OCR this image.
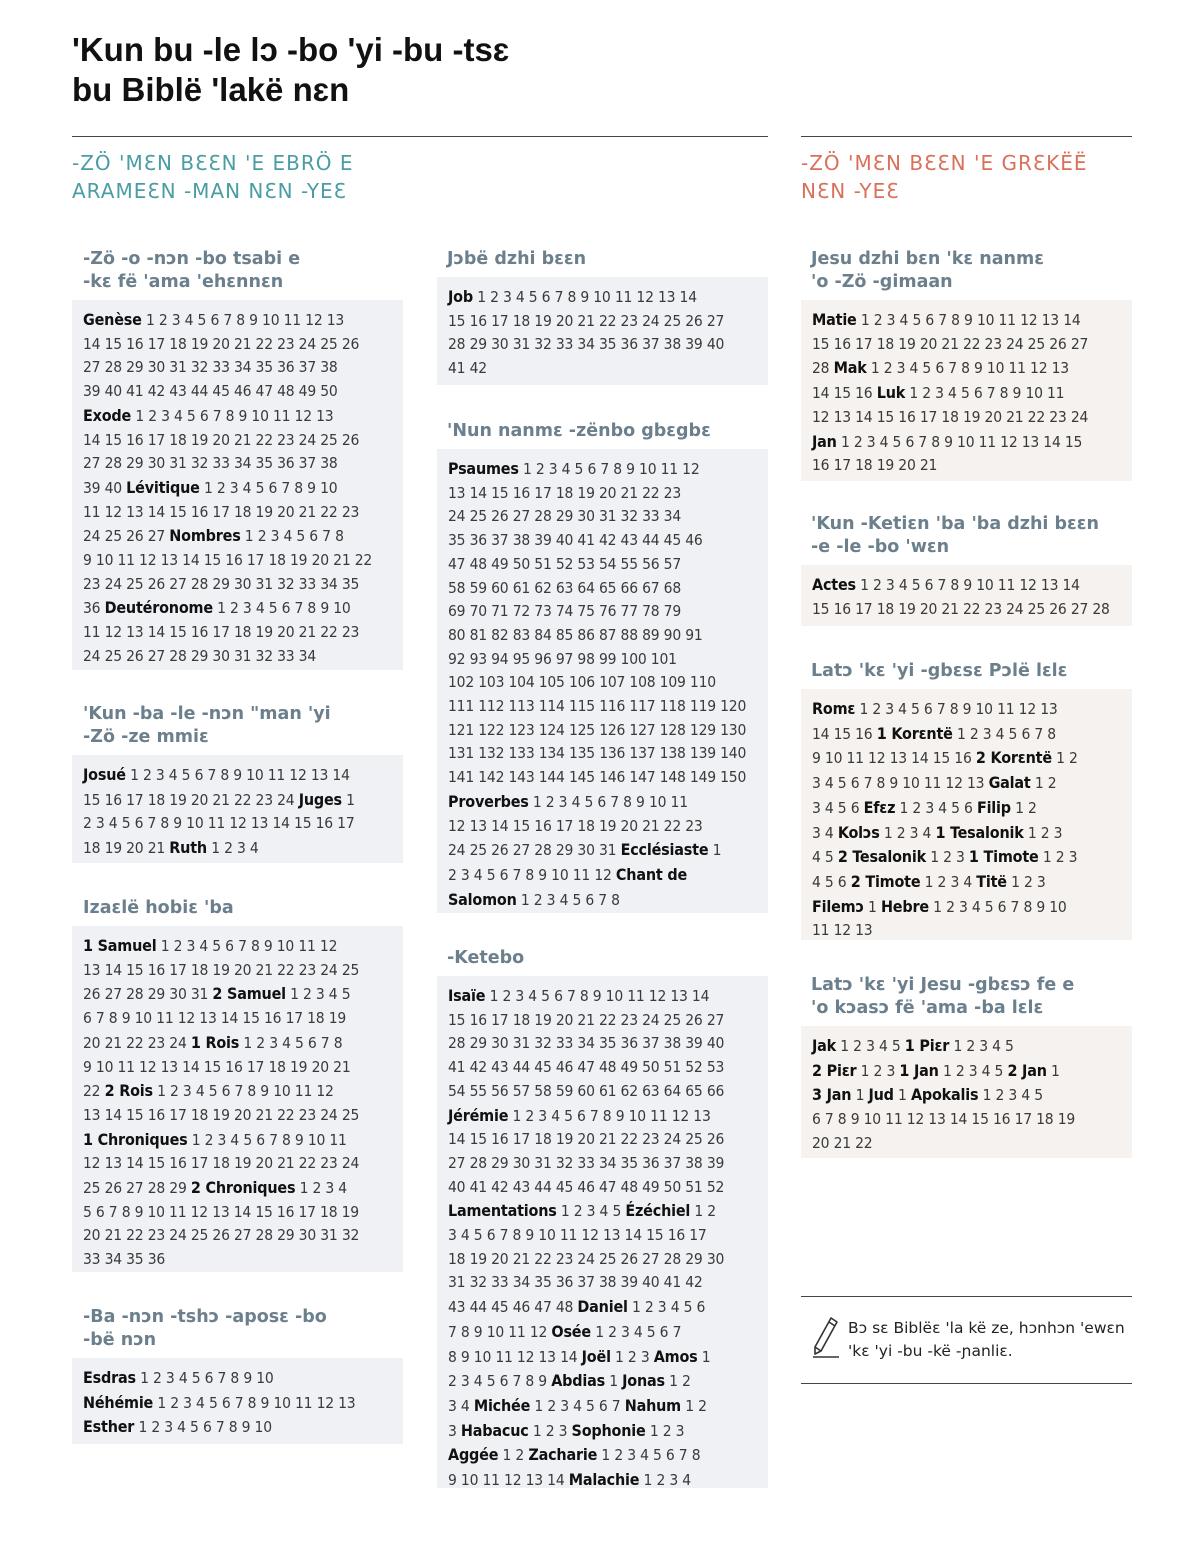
'Kun bu -le lɔ -bo 'yi -bu -tsɛ
bu Biblë 'lakë nɛn
-ZÖ 'MƐN BƐƐN 'E EBRÖ E
ARAMEƐN -MAN NƐN -YEƐ
-ZÖ 'MƐN BƐƐN 'E GRƐKËË
NƐN -YEƐ
-Zö -o -nɔn -bo tsabi e
-kɛ fë 'ama 'ehɛnnɛn
Genèse 1 2 3 4 5 6 7 8 9 10 11 12 13
14 15 16 17 18 19 20 21 22 23 24 25 26
27 28 29 30 31 32 33 34 35 36 37 38
39 40 41 42 43 44 45 46 47 48 49 50
Exode 1 2 3 4 5 6 7 8 9 10 11 12 13
14 15 16 17 18 19 20 21 22 23 24 25 26
27 28 29 30 31 32 33 34 35 36 37 38
39 40 Lévitique 1 2 3 4 5 6 7 8 9 10
11 12 13 14 15 16 17 18 19 20 21 22 23
24 25 26 27 Nombres 1 2 3 4 5 6 7 8
9 10 11 12 13 14 15 16 17 18 19 20 21 22
23 24 25 26 27 28 29 30 31 32 33 34 35
36 Deutéronome 1 2 3 4 5 6 7 8 9 10
11 12 13 14 15 16 17 18 19 20 21 22 23
24 25 26 27 28 29 30 31 32 33 34
'Kun -ba -le -nɔn "man 'yi
-Zö -ze mmiɛ
Josué 1 2 3 4 5 6 7 8 9 10 11 12 13 14
15 16 17 18 19 20 21 22 23 24 Juges 1
2 3 4 5 6 7 8 9 10 11 12 13 14 15 16 17
18 19 20 21 Ruth 1 2 3 4
Izaɛlë hobiɛ 'ba
1 Samuel 1 2 3 4 5 6 7 8 9 10 11 12
13 14 15 16 17 18 19 20 21 22 23 24 25
26 27 28 29 30 31 2 Samuel 1 2 3 4 5
6 7 8 9 10 11 12 13 14 15 16 17 18 19
20 21 22 23 24 1 Rois 1 2 3 4 5 6 7 8
9 10 11 12 13 14 15 16 17 18 19 20 21
22 2 Rois 1 2 3 4 5 6 7 8 9 10 11 12
13 14 15 16 17 18 19 20 21 22 23 24 25
1 Chroniques 1 2 3 4 5 6 7 8 9 10 11
12 13 14 15 16 17 18 19 20 21 22 23 24
25 26 27 28 29 2 Chroniques 1 2 3 4
5 6 7 8 9 10 11 12 13 14 15 16 17 18 19
20 21 22 23 24 25 26 27 28 29 30 31 32
33 34 35 36
-Ba -nɔn -tshɔ -aposɛ -bo
-bë nɔn
Esdras 1 2 3 4 5 6 7 8 9 10
Néhémie 1 2 3 4 5 6 7 8 9 10 11 12 13
Esther 1 2 3 4 5 6 7 8 9 10
Jɔbë dzhi bɛɛn
Job 1 2 3 4 5 6 7 8 9 10 11 12 13 14
15 16 17 18 19 20 21 22 23 24 25 26 27
28 29 30 31 32 33 34 35 36 37 38 39 40
41 42
'Nun nanmɛ -zënbo gbɛgbɛ
Psaumes 1 2 3 4 5 6 7 8 9 10 11 12
13 14 15 16 17 18 19 20 21 22 23
24 25 26 27 28 29 30 31 32 33 34
35 36 37 38 39 40 41 42 43 44 45 46
47 48 49 50 51 52 53 54 55 56 57
58 59 60 61 62 63 64 65 66 67 68
69 70 71 72 73 74 75 76 77 78 79
80 81 82 83 84 85 86 87 88 89 90 91
92 93 94 95 96 97 98 99 100 101
102 103 104 105 106 107 108 109 110
111 112 113 114 115 116 117 118 119 120
121 122 123 124 125 126 127 128 129 130
131 132 133 134 135 136 137 138 139 140
141 142 143 144 145 146 147 148 149 150
Proverbes 1 2 3 4 5 6 7 8 9 10 11
12 13 14 15 16 17 18 19 20 21 22 23
24 25 26 27 28 29 30 31 Ecclésiaste 1
2 3 4 5 6 7 8 9 10 11 12 Chant de
Salomon 1 2 3 4 5 6 7 8
-Ketebo
Isaïe 1 2 3 4 5 6 7 8 9 10 11 12 13 14
15 16 17 18 19 20 21 22 23 24 25 26 27
28 29 30 31 32 33 34 35 36 37 38 39 40
41 42 43 44 45 46 47 48 49 50 51 52 53
54 55 56 57 58 59 60 61 62 63 64 65 66
Jérémie 1 2 3 4 5 6 7 8 9 10 11 12 13
14 15 16 17 18 19 20 21 22 23 24 25 26
27 28 29 30 31 32 33 34 35 36 37 38 39
40 41 42 43 44 45 46 47 48 49 50 51 52
Lamentations 1 2 3 4 5 Ézéchiel 1 2
3 4 5 6 7 8 9 10 11 12 13 14 15 16 17
18 19 20 21 22 23 24 25 26 27 28 29 30
31 32 33 34 35 36 37 38 39 40 41 42
43 44 45 46 47 48 Daniel 1 2 3 4 5 6
7 8 9 10 11 12 Osée 1 2 3 4 5 6 7
8 9 10 11 12 13 14 Joël 1 2 3 Amos 1
2 3 4 5 6 7 8 9 Abdias 1 Jonas 1 2
3 4 Michée 1 2 3 4 5 6 7 Nahum 1 2
3 Habacuc 1 2 3 Sophonie 1 2 3
Aggée 1 2 Zacharie 1 2 3 4 5 6 7 8
9 10 11 12 13 14 Malachie 1 2 3 4
Jesu dzhi bɛn 'kɛ nanmɛ
'o -Zö -gimaan
Matie 1 2 3 4 5 6 7 8 9 10 11 12 13 14
15 16 17 18 19 20 21 22 23 24 25 26 27
28 Mak 1 2 3 4 5 6 7 8 9 10 11 12 13
14 15 16 Luk 1 2 3 4 5 6 7 8 9 10 11
12 13 14 15 16 17 18 19 20 21 22 23 24
Jan 1 2 3 4 5 6 7 8 9 10 11 12 13 14 15
16 17 18 19 20 21
'Kun -Ketiɛn 'ba 'ba dzhi bɛɛn
-e -le -bo 'wɛn
Actes 1 2 3 4 5 6 7 8 9 10 11 12 13 14
15 16 17 18 19 20 21 22 23 24 25 26 27 28
Latɔ 'kɛ 'yi -gbɛsɛ Pɔlë lɛlɛ
Romɛ 1 2 3 4 5 6 7 8 9 10 11 12 13
14 15 16 1 Korɛntë 1 2 3 4 5 6 7 8
9 10 11 12 13 14 15 16 2 Korɛntë 1 2
3 4 5 6 7 8 9 10 11 12 13 Galat 1 2
3 4 5 6 Efɛz 1 2 3 4 5 6 Filip 1 2
3 4 Kolɔs 1 2 3 4 1 Tesalonik 1 2 3
4 5 2 Tesalonik 1 2 3 1 Timote 1 2 3
4 5 6 2 Timote 1 2 3 4 Titë 1 2 3
Filemɔ 1 Hebre 1 2 3 4 5 6 7 8 9 10
11 12 13
Latɔ 'kɛ 'yi Jesu -gbɛsɔ fe e
'o kɔasɔ fë 'ama -ba lɛlɛ
Jak 1 2 3 4 5 1 Piɛr 1 2 3 4 5
2 Piɛr 1 2 3 1 Jan 1 2 3 4 5 2 Jan 1
3 Jan 1 Jud 1 Apokalis 1 2 3 4 5
6 7 8 9 10 11 12 13 14 15 16 17 18 19
20 21 22
Bɔ sɛ Biblëɛ 'la kë ze, hɔnhɔn 'ewɛn
'kɛ 'yi -bu -kë -ɲanliɛ.
